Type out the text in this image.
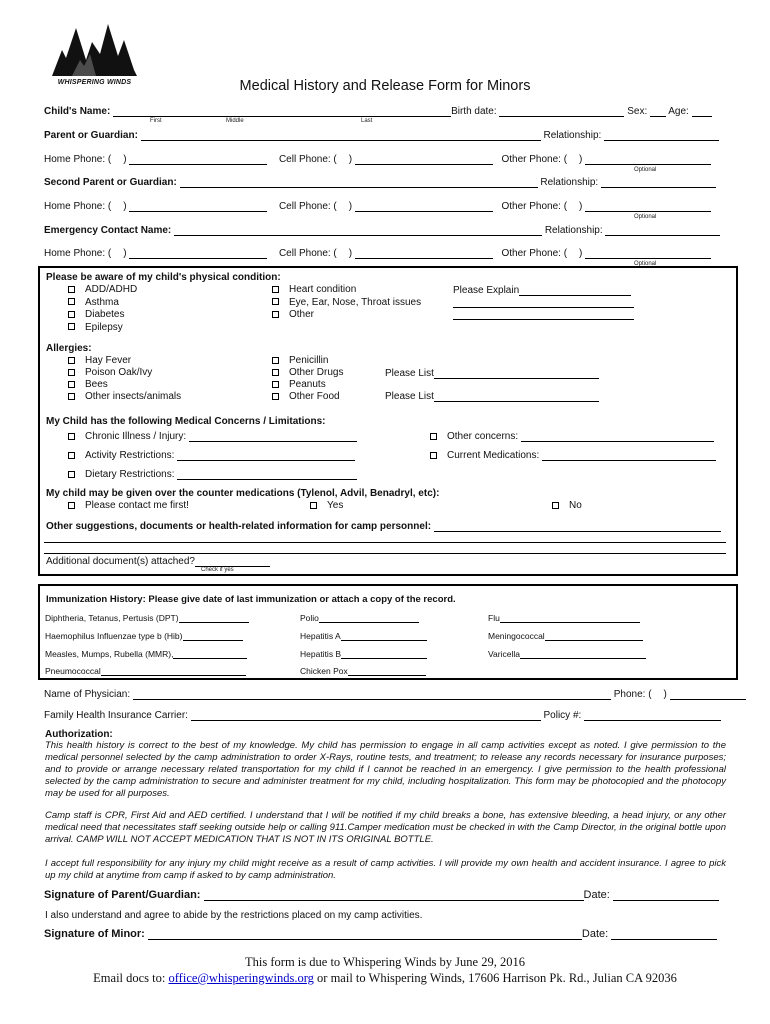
WHISPERING WINDS	Medical History and Release Form for Minors
Child's Name:	Birth date:	Sex: Age:
First	Middle	Last
Parent or Guardian:	Relationship:
Home Phone: ( )	Cell Phone: ( )	Other Phone: ( )
Optional
Second Parent or Guardian:	Relationship:
Home Phone: ( )	Cell Phone: ( )	Other Phone: ( )
Optional
Emergency Contact Name:	Relationship:
Home Phone: ( )	Cell Phone: ( )	Other Phone: ( )
Optional
Please be aware of my child's physical condition:
ADD/ADHD
Asthma
Diabetes
Epilepsy
Heart condition
Eye, Ear, Nose, Throat issues
Other
Please Explain
Allergies:
Hay Fever
Poison Oak/Ivy
Bees
Other insects/animals
Penicillin
Other Drugs
Peanuts
Other Food
Please List
Please List
My Child has the following Medical Concerns / Limitations:
Chronic Illness / Injury:
Activity Restrictions:
Dietary Restrictions:
Other concerns:
Current Medications:
My child may be given over the counter medications (Tylenol, Advil, Benadryl, etc):
Please contact me first!	Yes	No
Other suggestions, documents or health-related information for camp personnel:
Additional document(s) attached?
Check if yes
Immunization History: Please give date of last immunization or attach a copy of the record.
Diphtheria, Tetanus, Pertusis (DPT)	Polio	Flu
Haemophilus Influenzae type b (Hib)	Hepatitis A	Meningococcal
Measles, Mumps, Rubella (MMR),	Hepatitis B	Varicella
Pneumococcal	Chicken Pox
Name of Physician:	Phone: ( )
Family Health Insurance Carrier:	Policy #:
Authorization:
This health history is correct to the best of my knowledge. My child has permission to engage in all camp activities except as noted. I give permission to the medical personnel selected by the camp administration to order X-Rays, routine tests, and treatment; to release any records necessary for insurance purposes; and to provide or arrange necessary related transportation for my child if I cannot be reached in an emergency. I give permission to the health professional selected by the camp administration to secure and administer treatment for my child, including hospitalization. This form may be photocopied and the photocopy may be used for all purposes.
Camp staff is CPR, First Aid and AED certified. I understand that I will be notified if my child breaks a bone, has extensive bleeding, a head injury, or any other medical need that necessitates staff seeking outside help or calling 911.Camper medication must be checked in with the Camp Director, in the original bottle upon arrival. CAMP WILL NOT ACCEPT MEDICATION THAT IS NOT IN ITS ORIGINAL BOTTLE.
I accept full responsibility for any injury my child might receive as a result of camp activities. I will provide my own health and accident insurance. I agree to pick up my child at anytime from camp if asked to by camp administration.
Signature of Parent/Guardian:	Date:
I also understand and agree to abide by the restrictions placed on my camp activities.
Signature of Minor:	Date:
This form is due to Whispering Winds by June 29, 2016
Email docs to: office@whisperingwinds.org or mail to Whispering Winds, 17606 Harrison Pk. Rd., Julian CA 92036
